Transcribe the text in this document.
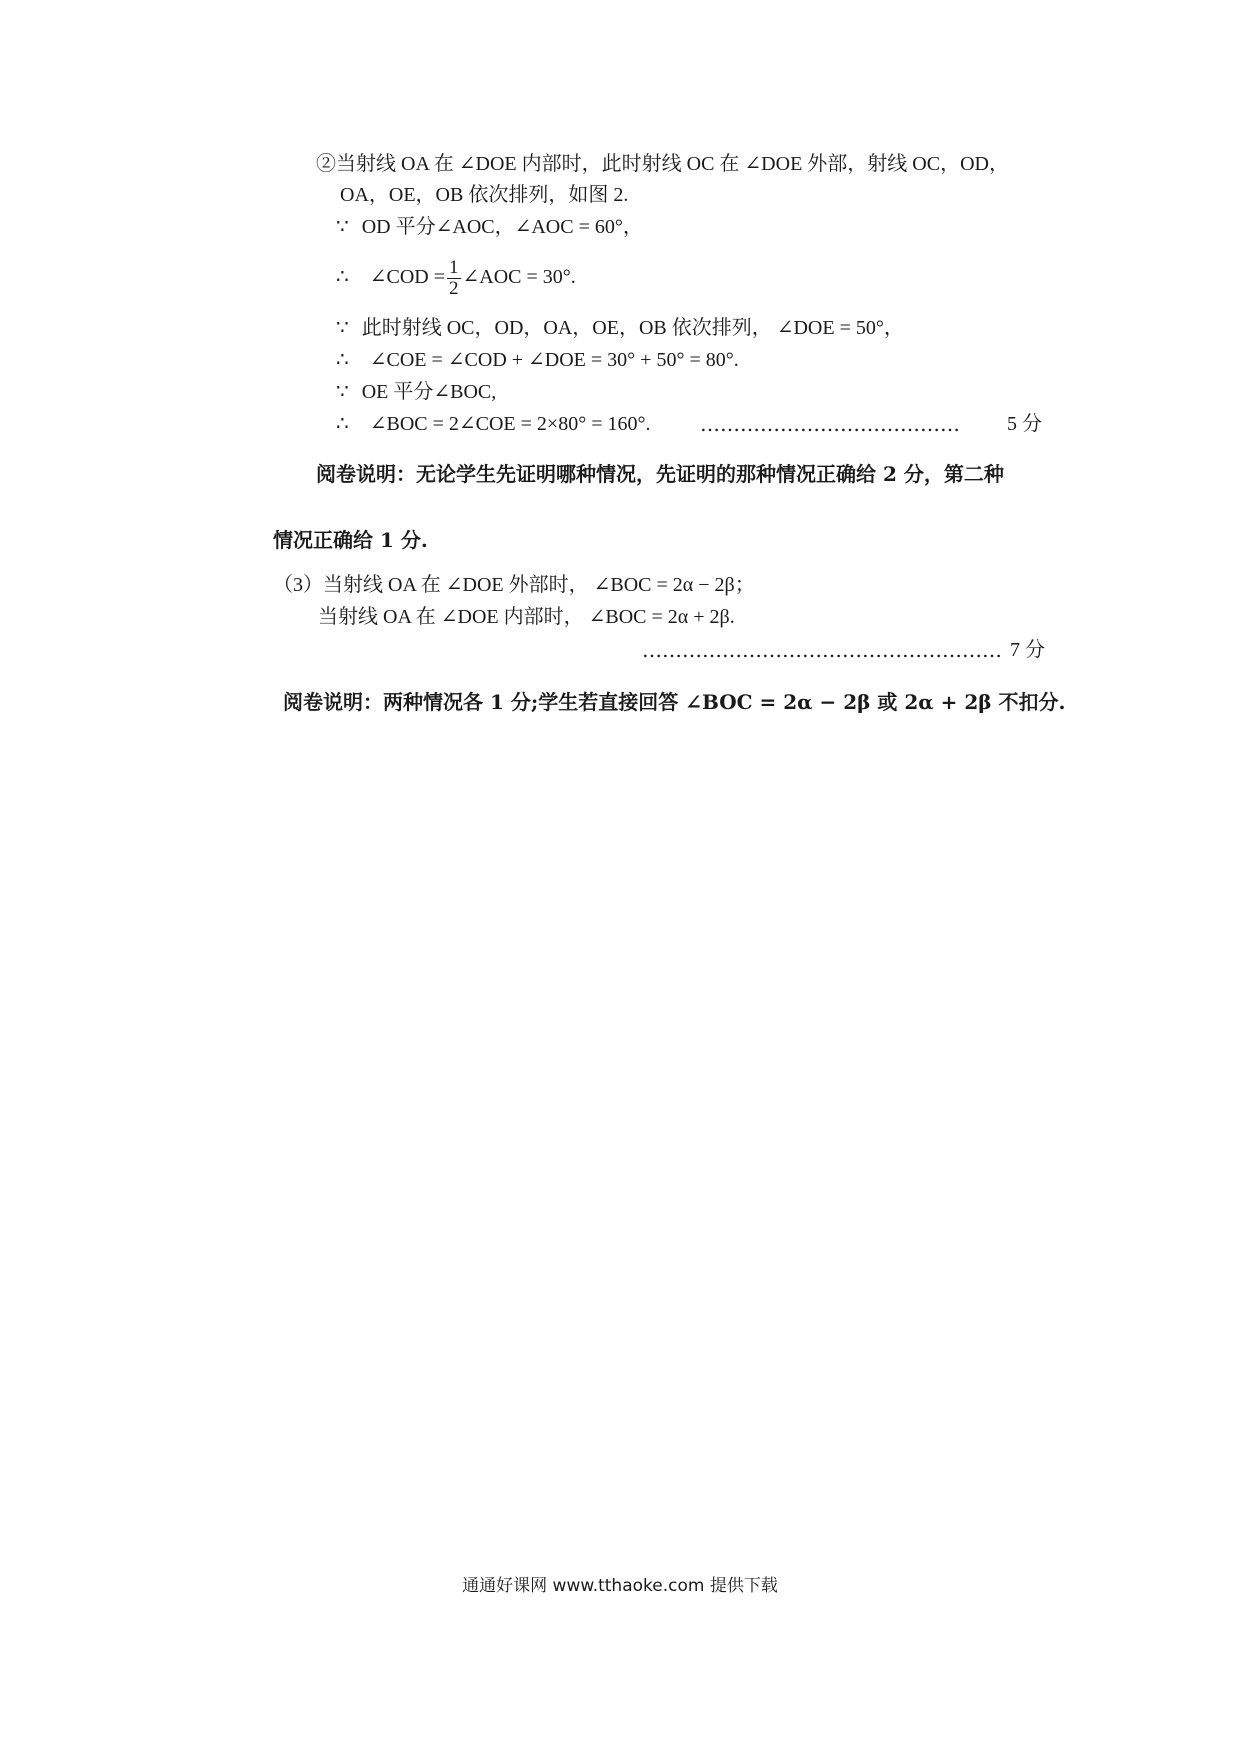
②当射线 OA 在 ∠DOE 内部时，此时射线 OC 在 ∠DOE 外部，射线 OC，OD，
OA，OE，OB 依次排列，如图 2.
∵ OD 平分∠AOC，∠AOC = 60°，
∴ ∠COD = $\frac{1}{2}$ ∠AOC = 30°.
∵ 此时射线 OC，OD，OA，OE，OB 依次排列， ∠DOE = 50°，
∴ ∠COE = ∠COD + ∠DOE = 30° + 50° = 80°.
∵ OE 平分∠BOC,
∴ ∠BOC = 2∠COE = 2×80° = 160°. ………………………………… 5 分
阅卷说明：无论学生先证明哪种情况，先证明的那种情况正确给 2 分，第二种
情况正确给 1 分.
（3）当射线 OA 在 ∠DOE 外部时， ∠BOC = 2α − 2β；
当射线 OA 在 ∠DOE 内部时， ∠BOC = 2α + 2β.
……………………………………………… 7 分
阅卷说明：两种情况各 1 分;学生若直接回答 ∠BOC = 2α − 2β 或 2α + 2β 不扣分.
通通好课网 www.tthaoke.com 提供下载
